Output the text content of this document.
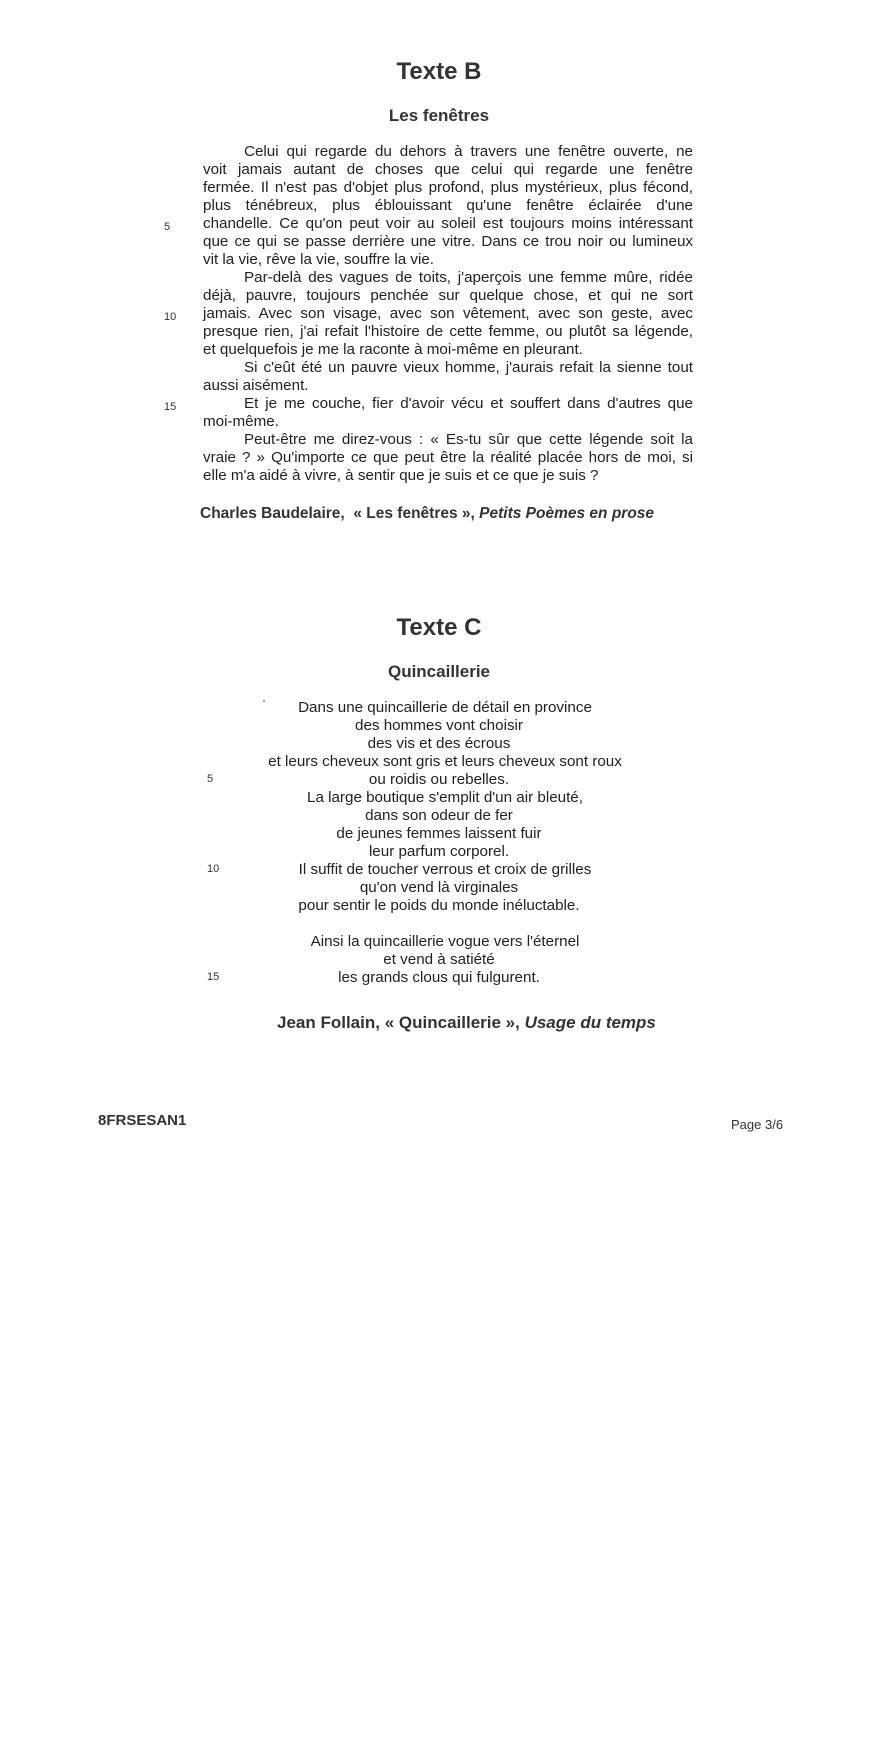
Texte B
Les fenêtres
Celui qui regarde du dehors à travers une fenêtre ouverte, ne
voit jamais autant de choses que celui qui regarde une fenêtre
fermée. Il n'est pas d'objet plus profond, plus mystérieux, plus fécond,
plus ténébreux, plus éblouissant qu'une fenêtre éclairée d'une
chandelle. Ce qu'on peut voir au soleil est toujours moins intéressant
que ce qui se passe derrière une vitre. Dans ce trou noir ou lumineux
vit la vie, rêve la vie, souffre la vie.
Par-delà des vagues de toits, j'aperçois une femme mûre, ridée
déjà, pauvre, toujours penchée sur quelque chose, et qui ne sort
jamais. Avec son visage, avec son vêtement, avec son geste, avec
presque rien, j'ai refait l'histoire de cette femme, ou plutôt sa légende,
et quelquefois je me la raconte à moi-même en pleurant.
Si c'eût été un pauvre vieux homme, j'aurais refait la sienne tout
aussi aisément.
Et je me couche, fier d'avoir vécu et souffert dans d'autres que
moi-même.
Peut-être me direz-vous : « Es-tu sûr que cette légende soit la
vraie ? » Qu'importe ce que peut être la réalité placée hors de moi, si
elle m'a aidé à vivre, à sentir que je suis et ce que je suis ?
5
10
15
Charles Baudelaire, « Les fenêtres », Petits Poèmes en prose
Texte C
Quincaillerie
Dans une quincaillerie de détail en province
des hommes vont choisir
des vis et des écrous
et leurs cheveux sont gris et leurs cheveux sont roux
ou roidis ou rebelles.
La large boutique s'emplit d'un air bleuté,
dans son odeur de fer
de jeunes femmes laissent fuir
leur parfum corporel.
Il suffit de toucher verrous et croix de grilles
qu'on vend là virginales
pour sentir le poids du monde inéluctable.
Ainsi la quincaillerie vogue vers l'éternel
et vend à satiété
les grands clous qui fulgurent.
5
10
15
Jean Follain, « Quincaillerie », Usage du temps
8FRSESAN1	Page 3/6
